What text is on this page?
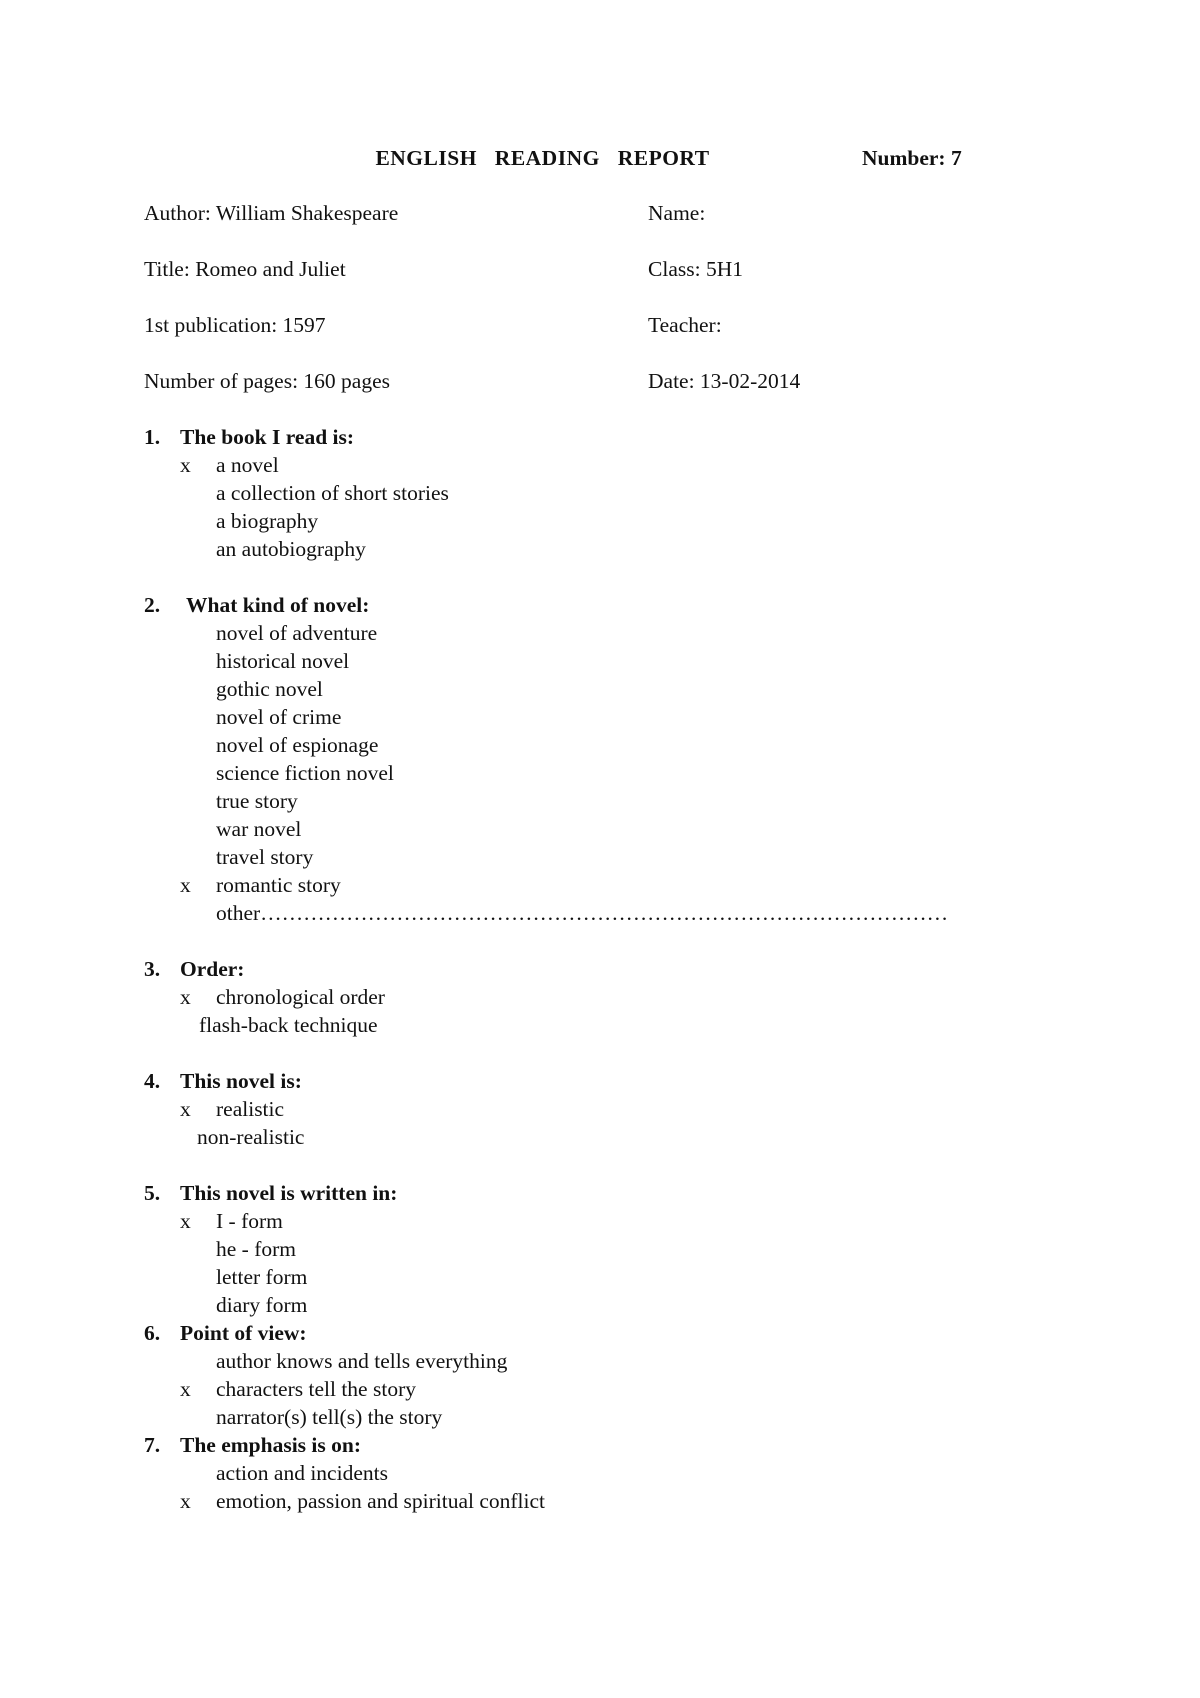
ENGLISH READING REPORT	Number: 7
Author: William Shakespeare
Title: Romeo and Juliet
1st publication: 1597
Number of pages: 160 pages
Name:
Class: 5H1
Teacher:
Date: 13-02-2014
1. The book I read is:
x a novel
a collection of short stories
a biography
an autobiography
2. What kind of novel:
novel of adventure
historical novel
gothic novel
novel of crime
novel of espionage
science fiction novel
true story
war novel
travel story
x romantic story
other……………………………………………………………………………………
3. Order:
x chronological order
flash-back technique
4. This novel is:
x realistic
non-realistic
5. This novel is written in:
x I - form
he - form
letter form
diary form
6. Point of view:
author knows and tells everything
x characters tell the story
narrator(s) tell(s) the story
7. The emphasis is on:
action and incidents
x emotion, passion and spiritual conflict
